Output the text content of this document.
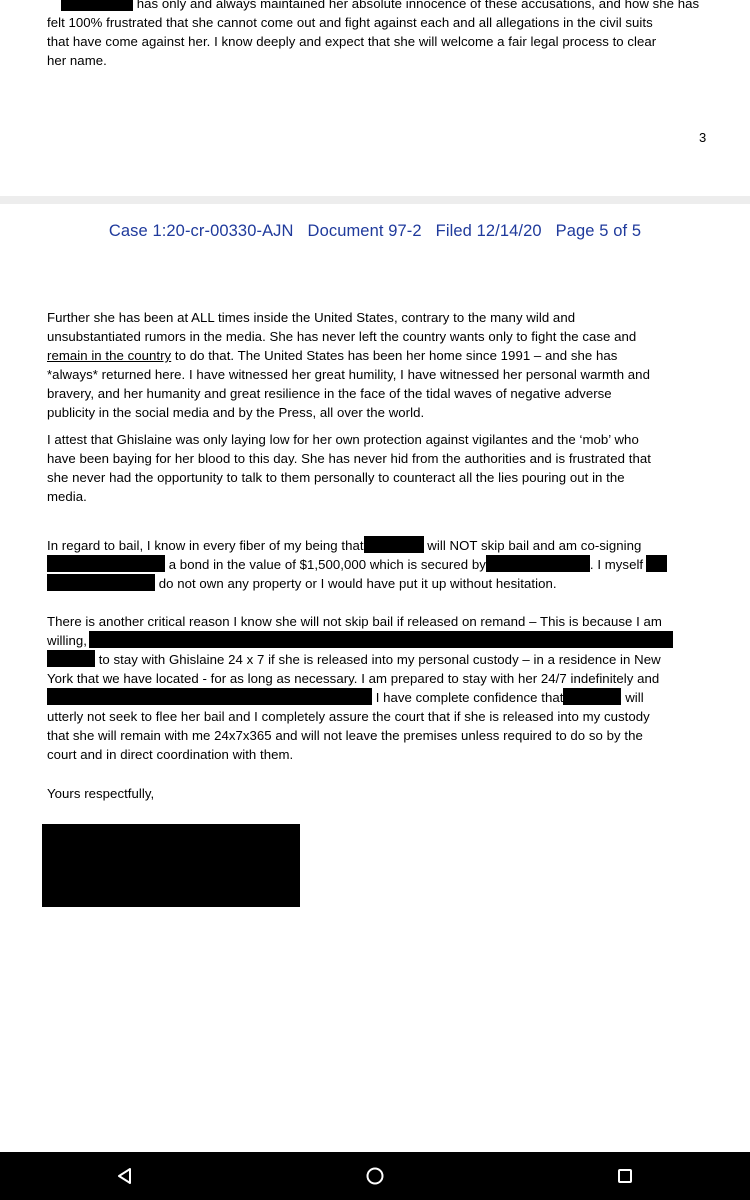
has only and always maintained her absolute innocence of these accusations, and how she has
felt 100% frustrated that she cannot come out and fight against each and all allegations in the civil suits
that have come against her. I know deeply and expect that she will welcome a fair legal process to clear
her name.
3
Case 1:20-cr-00330-AJN Document 97-2 Filed 12/14/20 Page 5 of 5
Further she has been at ALL times inside the United States, contrary to the many wild and
unsubstantiated rumors in the media. She has never left the country wants only to fight the case and
remain in the country to do that. The United States has been her home since 1991 – and she has
*always* returned here. I have witnessed her great humility, I have witnessed her personal warmth and
bravery, and her humanity and great resilience in the face of the tidal waves of negative adverse
publicity in the social media and by the Press, all over the world.
I attest that Ghislaine was only laying low for her own protection against vigilantes and the ‘mob’ who
have been baying for her blood to this day. She has never hid from the authorities and is frustrated that
she never had the opportunity to talk to them personally to counteract all the lies pouring out in the
media.
In regard to bail, I know in every fiber of my being that	will NOT skip bail and am co-signing
a bond in the value of $1,500,000 which is secured by	. I myself
do not own any property or I would have put it up without hesitation.
There is another critical reason I know she will not skip bail if released on remand – This is because I am
willing,
to stay with Ghislaine 24 x 7 if she is released into my personal custody – in a residence in New
York that we have located - for as long as necessary. I am prepared to stay with her 24/7 indefinitely and
I have complete confidence that	will
utterly not seek to flee her bail and I completely assure the court that if she is released into my custody
that she will remain with me 24x7x365 and will not leave the premises unless required to do so by the
court and in direct coordination with them.
Yours respectfully,
